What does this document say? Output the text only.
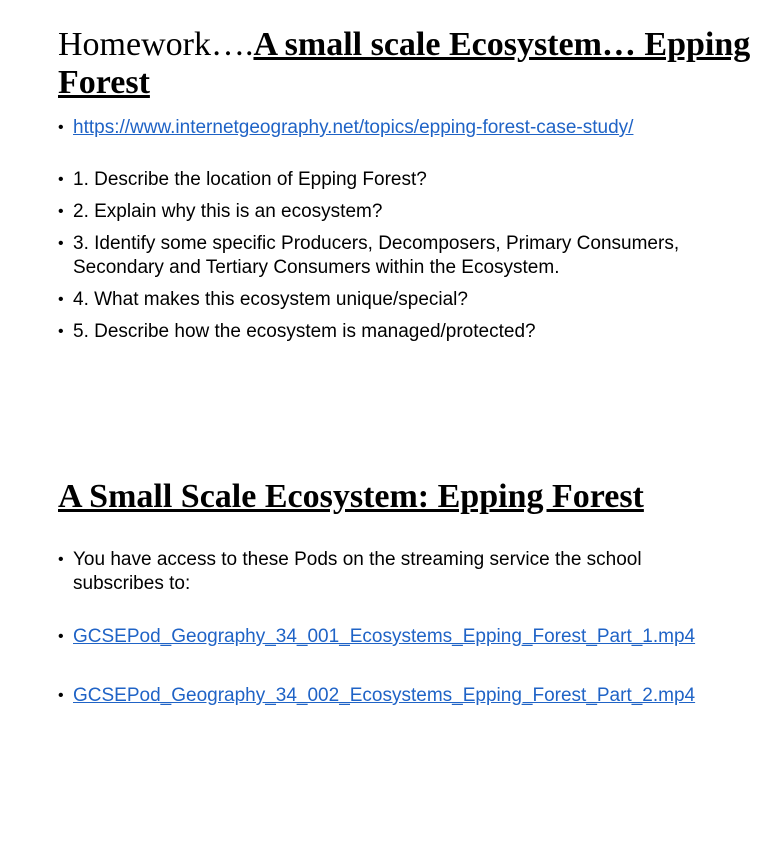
Homework….A small scale Ecosystem… Epping Forest
• https://www.internetgeography.net/topics/epping-forest-case-study/
• 1. Describe the location of Epping Forest?
• 2. Explain why this is an ecosystem?
• 3. Identify some specific Producers, Decomposers, Primary Consumers, Secondary and Tertiary Consumers within the Ecosystem.
• 4. What makes this ecosystem unique/special?
• 5. Describe how the ecosystem is managed/protected?
A Small Scale Ecosystem: Epping Forest
• You have access to these Pods on the streaming service the school subscribes to:
• GCSEPod_Geography_34_001_Ecosystems_Epping_Forest_Part_1.mp4
• GCSEPod_Geography_34_002_Ecosystems_Epping_Forest_Part_2.mp4
